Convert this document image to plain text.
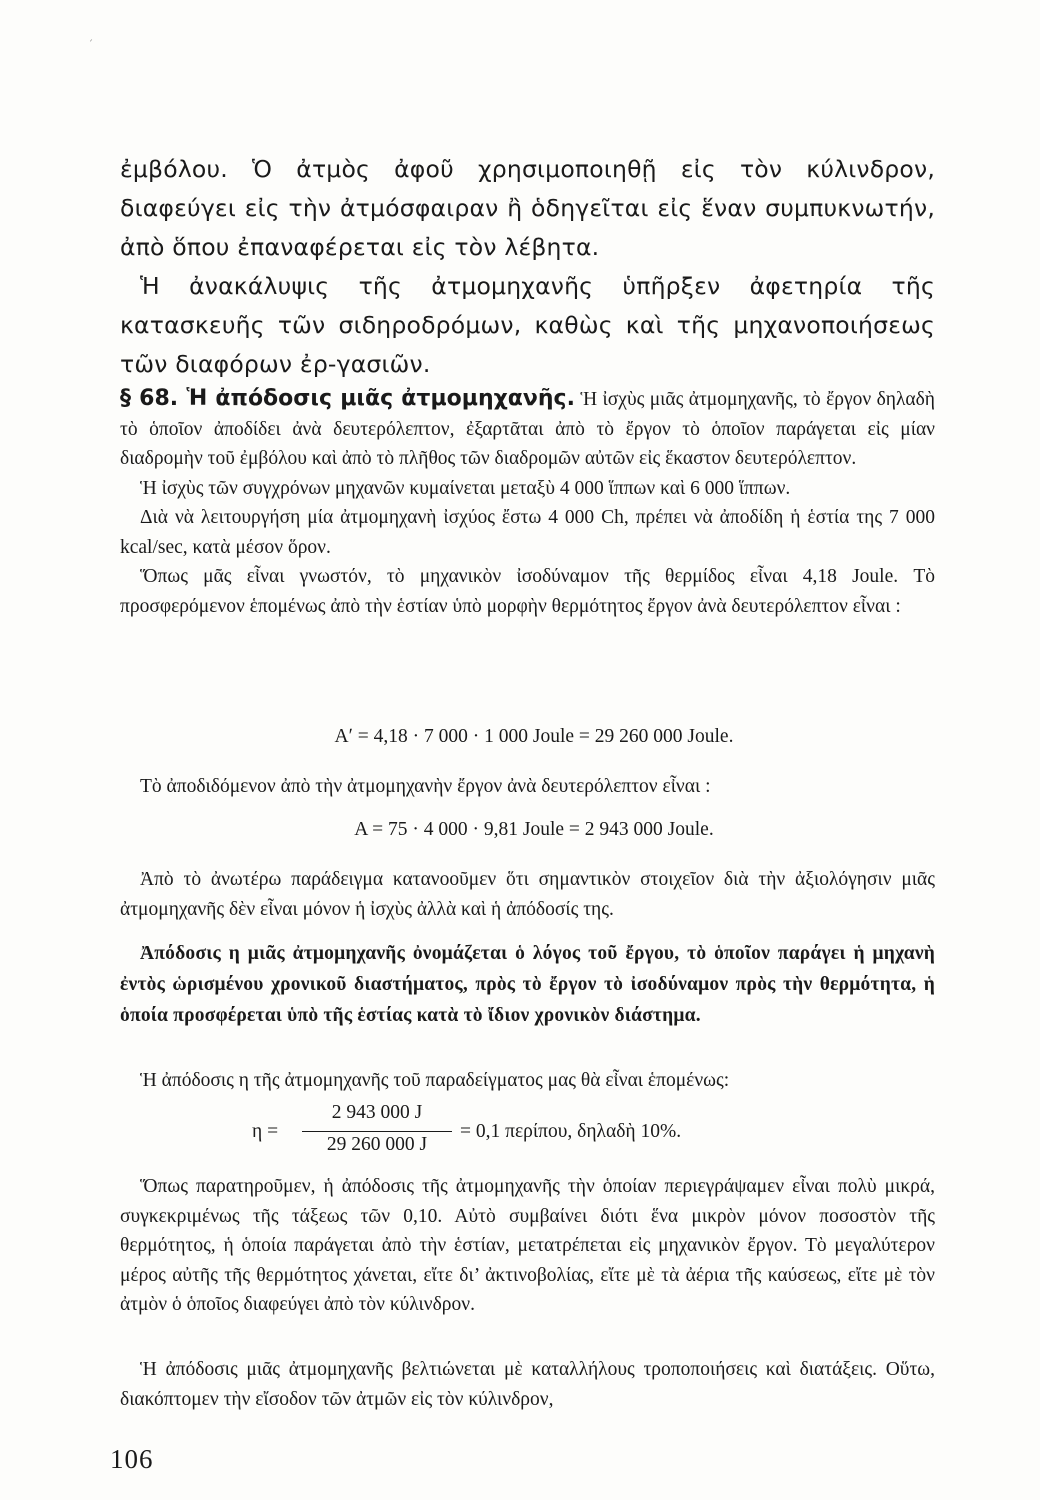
´
ἐμβόλου. Ὁ ἀτμὸς ἀφοῦ χρησιμοποιηθῇ εἰς τὸν κύλινδρον, διαφεύγει εἰς τὴν ἀτμόσφαιραν ἢ ὁδηγεῖται εἰς ἕναν συμπυκνωτήν, ἀπὸ ὅπου ἐπαναφέρεται εἰς τὸν λέβητα.
Ἡ ἀνακάλυψις τῆς ἀτμομηχανῆς ὑπῆρξεν ἀφετηρία τῆς κατασκευῆς τῶν σιδηροδρόμων, καθὼς καὶ τῆς μηχανοποιήσεως τῶν διαφόρων ἐρ-γασιῶν.
§ 68. Ἡ ἀπόδοσις μιᾶς ἀτμομηχανῆς. Ἡ ἰσχὺς μιᾶς ἀτμομηχανῆς, τὸ ἔργον δηλαδὴ τὸ ὁποῖον ἀποδίδει ἀνὰ δευτερόλεπτον, ἐξαρτᾶται ἀπὸ τὸ ἔργον τὸ ὁποῖον παράγεται εἰς μίαν διαδρομὴν τοῦ ἐμβόλου καὶ ἀπὸ τὸ πλῆθος τῶν διαδρομῶν αὐτῶν εἰς ἕκαστον δευτερόλεπτον.
Ἡ ἰσχὺς τῶν συγχρόνων μηχανῶν κυμαίνεται μεταξὺ 4 000 ἵππων καὶ 6 000 ἵππων.
Διὰ νὰ λειτουργήση μία ἀτμομηχανὴ ἰσχύος ἔστω 4 000 Ch, πρέπει νὰ ἀποδίδη ἡ ἑστία της 7 000 kcal/sec, κατὰ μέσον ὅρον.
Ὅπως μᾶς εἶναι γνωστόν, τὸ μηχανικὸν ἰσοδύναμον τῆς θερμίδος εἶναι 4,18 Joule. Τὸ προσφερόμενον ἑπομένως ἀπὸ τὴν ἑστίαν ὑπὸ μορφὴν θερμότητος ἔργον ἀνὰ δευτερόλεπτον εἶναι :
Aʹ = 4,18 · 7 000 · 1 000 Joule = 29 260 000 Joule.
Τὸ ἀποδιδόμενον ἀπὸ τὴν ἀτμομηχανὴν ἔργον ἀνὰ δευτερόλεπτον εἶναι :
A = 75 · 4 000 · 9,81 Joule = 2 943 000 Joule.
Ἀπὸ τὸ ἀνωτέρω παράδειγμα κατανοοῦμεν ὅτι σημαντικὸν στοιχεῖον διὰ τὴν ἀξιολόγησιν μιᾶς ἀτμομηχανῆς δὲν εἶναι μόνον ἡ ἰσχὺς ἀλλὰ καὶ ἡ ἀπόδοσίς της.
Ἀπόδοσις η μιᾶς ἀτμομηχανῆς ὀνομάζεται ὁ λόγος τοῦ ἔργου, τὸ ὁποῖον παράγει ἡ μηχανὴ ἐντὸς ὡρισμένου χρονικοῦ διαστήματος, πρὸς τὸ ἔργον τὸ ἰσοδύναμον πρὸς τὴν θερμότητα, ἡ ὁποία προσφέρεται ὑπὸ τῆς ἑστίας κατὰ τὸ ἴδιον χρονικὸν διάστημα.
Ἡ ἀπόδοσις η τῆς ἀτμομηχανῆς τοῦ παραδείγματος μας θὰ εἶναι ἑπομένως:
η =
2 943 000 J
29 260 000 J
= 0,1 περίπου, δηλαδὴ 10%.
Ὅπως παρατηροῦμεν, ἡ ἀπόδοσις τῆς ἀτμομηχανῆς τὴν ὁποίαν περιεγράψαμεν εἶναι πολὺ μικρά, συγκεκριμένως τῆς τάξεως τῶν 0,10. Αὐτὸ συμβαίνει διότι ἕνα μικρὸν μόνον ποσοστὸν τῆς θερμότητος, ἡ ὁποία παράγεται ἀπὸ τὴν ἑστίαν, μετατρέπεται εἰς μηχανικὸν ἔργον. Τὸ μεγαλύτερον μέρος αὐτῆς τῆς θερμότητος χάνεται, εἴτε δι’ ἀκτινοβολίας, εἴτε μὲ τὰ ἀέρια τῆς καύσεως, εἴτε μὲ τὸν ἀτμὸν ὁ ὁποῖος διαφεύγει ἀπὸ τὸν κύλινδρον.
Ἡ ἀπόδοσις μιᾶς ἀτμομηχανῆς βελτιώνεται μὲ καταλλήλους τροποποιήσεις καὶ διατάξεις. Οὕτω, διακόπτομεν τὴν εἴσοδον τῶν ἀτμῶν εἰς τὸν κύλινδρον,
106
